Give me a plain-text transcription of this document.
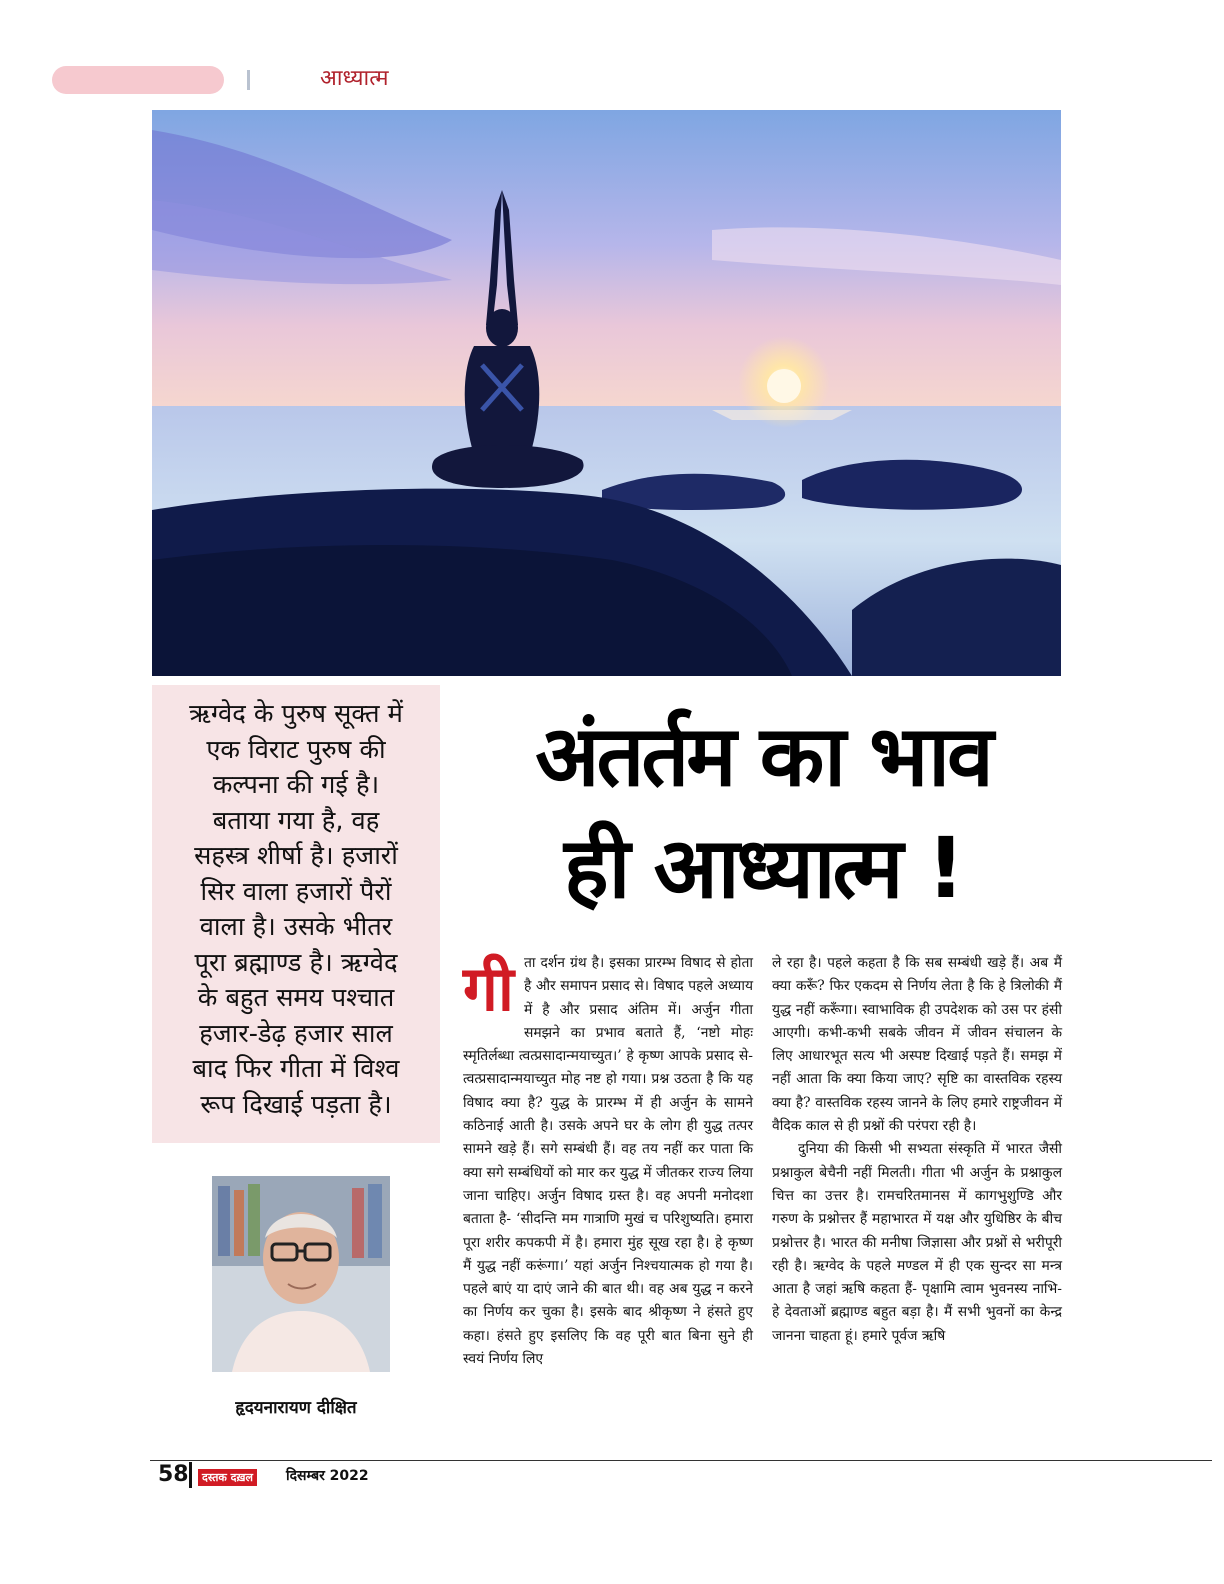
आध्यात्म
ऋग्वेद के पुरुष सूक्त में
एक विराट पुरुष की
कल्पना की गई है।
बताया गया है, वह
सहस्त्र शीर्षा है। हजारों
सिर वाला हजारों पैरों
वाला है। उसके भीतर
पूरा ब्रह्माण्ड है। ऋग्वेद
के बहुत समय पश्चात
हजार-डेढ़ हजार साल
बाद फिर गीता में विश्व
रूप दिखाई पड़ता है।
अंतर्तम का भाव
ही आध्यात्म !
हृदयनारायण दीक्षित
गी ता दर्शन ग्रंथ है। इसका प्रारम्भ विषाद से होता है और समापन प्रसाद से। विषाद पहले अध्याय में है और प्रसाद अंतिम में। अर्जुन गीता समझने का प्रभाव बताते हैं, ‘नष्टो मोहः स्मृतिर्लब्धा त्वत्प्रसादान्मयाच्युत।’ हे कृष्ण आपके प्रसाद से-त्वत्प्रसादान्मयाच्युत मोह नष्ट हो गया। प्रश्न उठता है कि यह विषाद क्या है? युद्ध के प्रारम्भ में ही अर्जुन के सामने कठिनाई आती है। उसके अपने घर के लोग ही युद्ध तत्पर सामने खड़े हैं। सगे सम्बंधी हैं। वह तय नहीं कर पाता कि क्या सगे सम्बंधियों को मार कर युद्ध में जीतकर राज्य लिया जाना चाहिए। अर्जुन विषाद ग्रस्त है। वह अपनी मनोदशा बताता है- ‘सीदन्ति मम गात्राणि मुखं च परिशुष्यति। हमारा पूरा शरीर कपकपी में है। हमारा मुंह सूख रहा है। हे कृष्ण मैं युद्ध नहीं करूंगा।’ यहां अर्जुन निश्चयात्मक हो गया है। पहले बाएं या दाएं जाने की बात थी। वह अब युद्ध न करने का निर्णय कर चुका है। इसके बाद श्रीकृष्ण ने हंसते हुए कहा। हंसते हुए इसलिए कि वह पूरी बात बिना सुने ही स्वयं निर्णय लिए

ले रहा है। पहले कहता है कि सब सम्बंधी खड़े हैं। अब मैं क्या करूँ? फिर एकदम से निर्णय लेता है कि हे त्रिलोकी मैं युद्ध नहीं करूँगा। स्वाभाविक ही उपदेशक को उस पर हंसी आएगी। कभी-कभी सबके जीवन में जीवन संचालन के लिए आधारभूत सत्य भी अस्पष्ट दिखाई पड़ते हैं। समझ में नहीं आता कि क्या किया जाए? सृष्टि का वास्तविक रहस्य क्या है? वास्तविक रहस्य जानने के लिए हमारे राष्ट्रजीवन में वैदिक काल से ही प्रश्नों की परंपरा रही है।

दुनिया की किसी भी सभ्यता संस्कृति में भारत जैसी प्रश्नाकुल बेचैनी नहीं मिलती। गीता भी अर्जुन के प्रश्नाकुल चित्त का उत्तर है। रामचरितमानस में कागभुशुण्डि और गरुण के प्रश्नोत्तर हैं महाभारत में यक्ष और युधिष्ठिर के बीच प्रश्नोत्तर है। भारत की मनीषा जिज्ञासा और प्रश्नों से भरीपूरी रही है। ऋग्वेद के पहले मण्डल में ही एक सुन्दर सा मन्त्र आता है जहां ऋषि कहता हैं- पृक्षामि त्वाम भुवनस्य नाभि- हे देवताओं ब्रह्माण्ड बहुत बड़ा है। मैं सभी भुवनों का केन्द्र जानना चाहता हूं। हमारे पूर्वज ऋषि

58	दस्तक दख़ल दिसम्बर 2022
